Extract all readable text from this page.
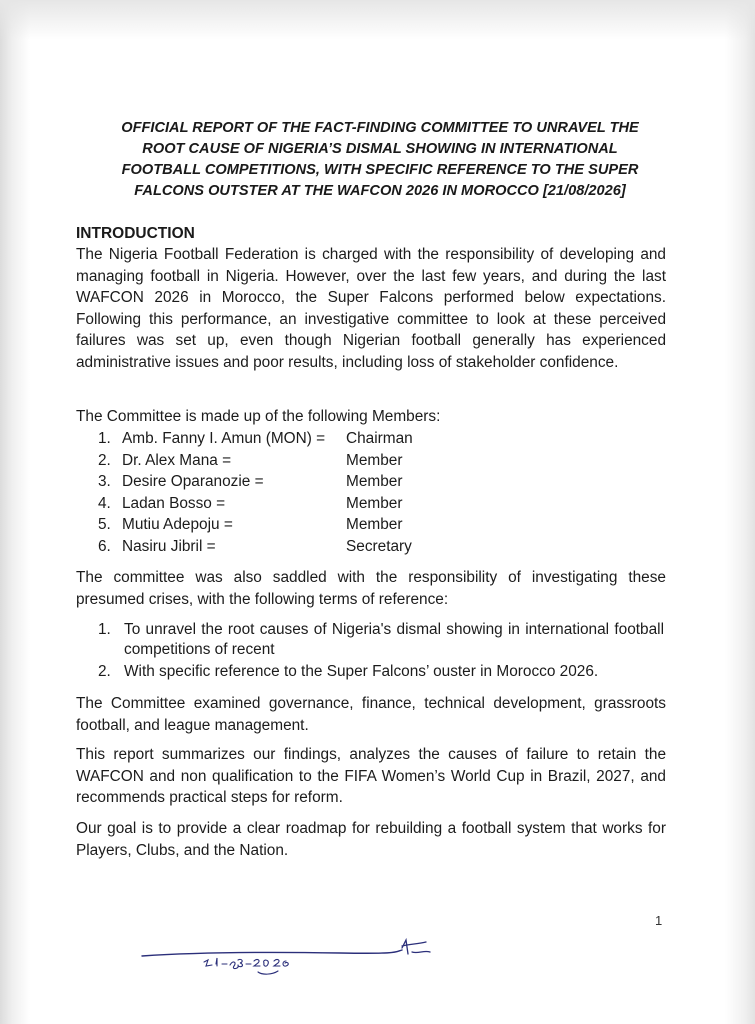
OFFICIAL REPORT OF THE FACT-FINDING COMMITTEE TO UNRAVEL THE
ROOT CAUSE OF NIGERIA’S DISMAL SHOWING IN INTERNATIONAL
FOOTBALL COMPETITIONS, WITH SPECIFIC REFERENCE TO THE SUPER
FALCONS OUTSTER AT THE WAFCON 2026 IN MOROCCO [21/08/2026]
INTRODUCTION

The Nigeria Football Federation is charged with the responsibility of developing and managing football in Nigeria. However, over the last few years, and during the last WAFCON 2026 in Morocco, the Super Falcons performed below expectations. Following this performance, an investigative committee to look at these perceived failures was set up, even though Nigerian football generally has experienced administrative issues and poor results, including loss of stakeholder confidence.

The Committee is made up of the following Members:

1. Amb. Fanny I. Amun (MON) = Chairman
2. Dr. Alex Mana =	Member
3. Desire Oparanozie =	Member
4. Ladan Bosso =	Member
5. Mutiu Adepoju =	Member
6. Nasiru Jibril =	Secretary

The committee was also saddled with the responsibility of investigating these presumed crises, with the following terms of reference:

1. To unravel the root causes of Nigeria's dismal showing in international football competitions of recent
2. With specific reference to the Super Falcons’ ouster in Morocco 2026.

The Committee examined governance, finance, technical development, grassroots football, and league management.

This report summarizes our findings, analyzes the causes of failure to retain the WAFCON and non qualification to the FIFA Women’s World Cup in Brazil, 2027, and recommends practical steps for reform.

Our goal is to provide a clear roadmap for rebuilding a football system that works for Players, Clubs, and the Nation.

1
